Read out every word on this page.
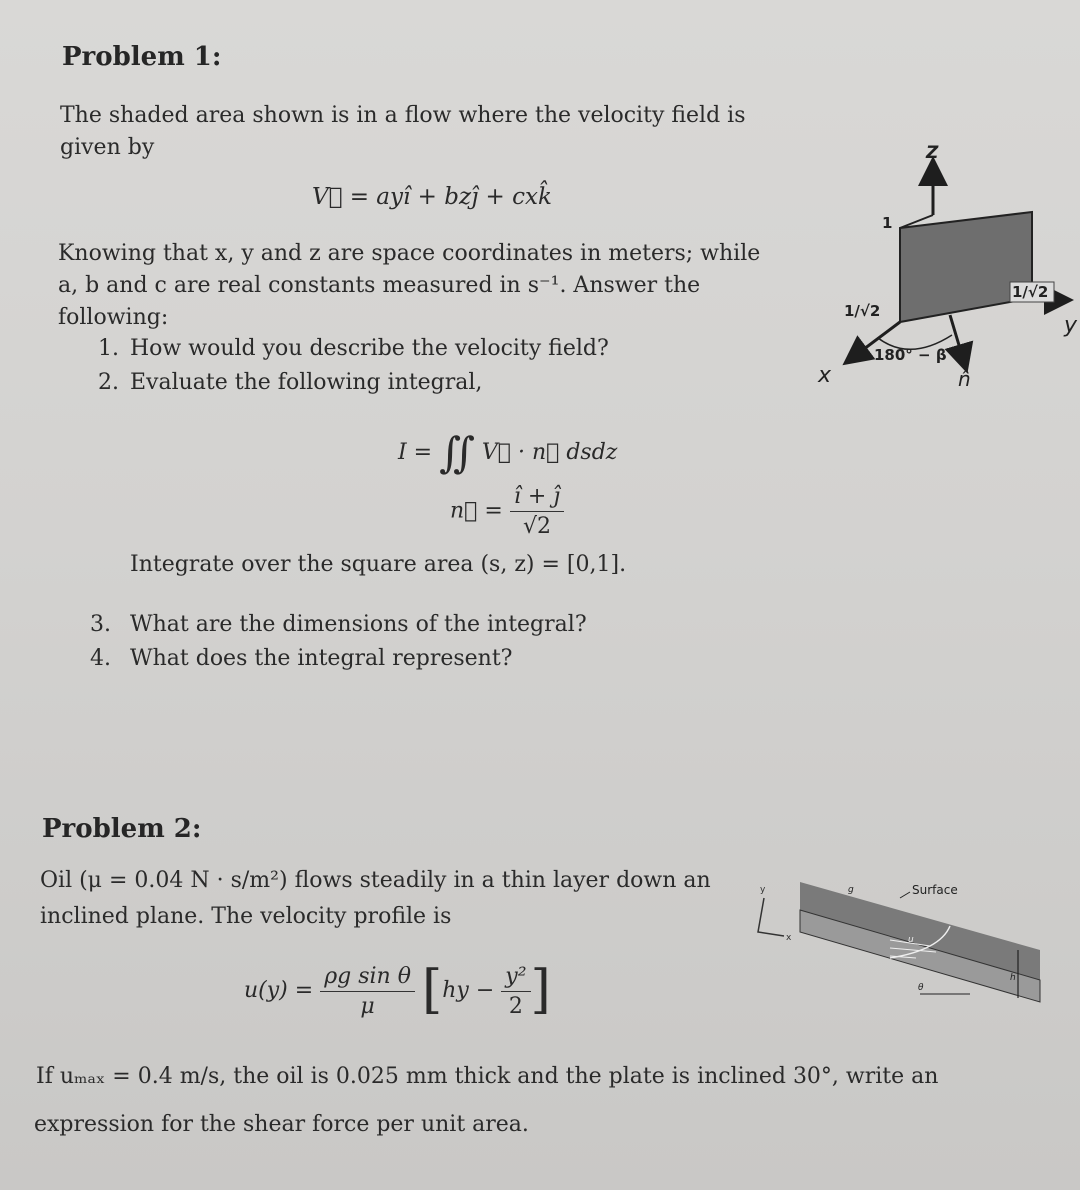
Problem 1:
The shaded area shown is in a flow where the velocity field is given by
V⃗ = ayî + bzĵ + cxk̂
Knowing that x, y and z are space coordinates in meters; while a, b and c are real constants measured in s⁻¹. Answer the following:
1. How would you describe the velocity field?
2. Evaluate the following integral,
I = ∬ V⃗ · n⃗ dsdz
n⃗ = $\frac{î + ĵ}{√2}$
Integrate over the square area (s, z) = [0,1].
3. What are the dimensions of the integral?
4. What does the integral represent?
Z
y
x	n̂
1
1/√2
1/√2
180° − β
Problem 2:
Oil (μ = 0.04 N · s/m²) flows steadily in a thin layer down an
inclined plane. The velocity profile is
$u(y) = \frac{\text{ρg sin θ}}{\mu} [hy - \frac{\text{y²}}{2}$ ]
If uₘₐₓ = 0.4 m/s, the oil is 0.025 mm thick and the plate is inclined 30°, write an
expression for the shear force per unit area.
y
x	u
g	Surface
h
θ
